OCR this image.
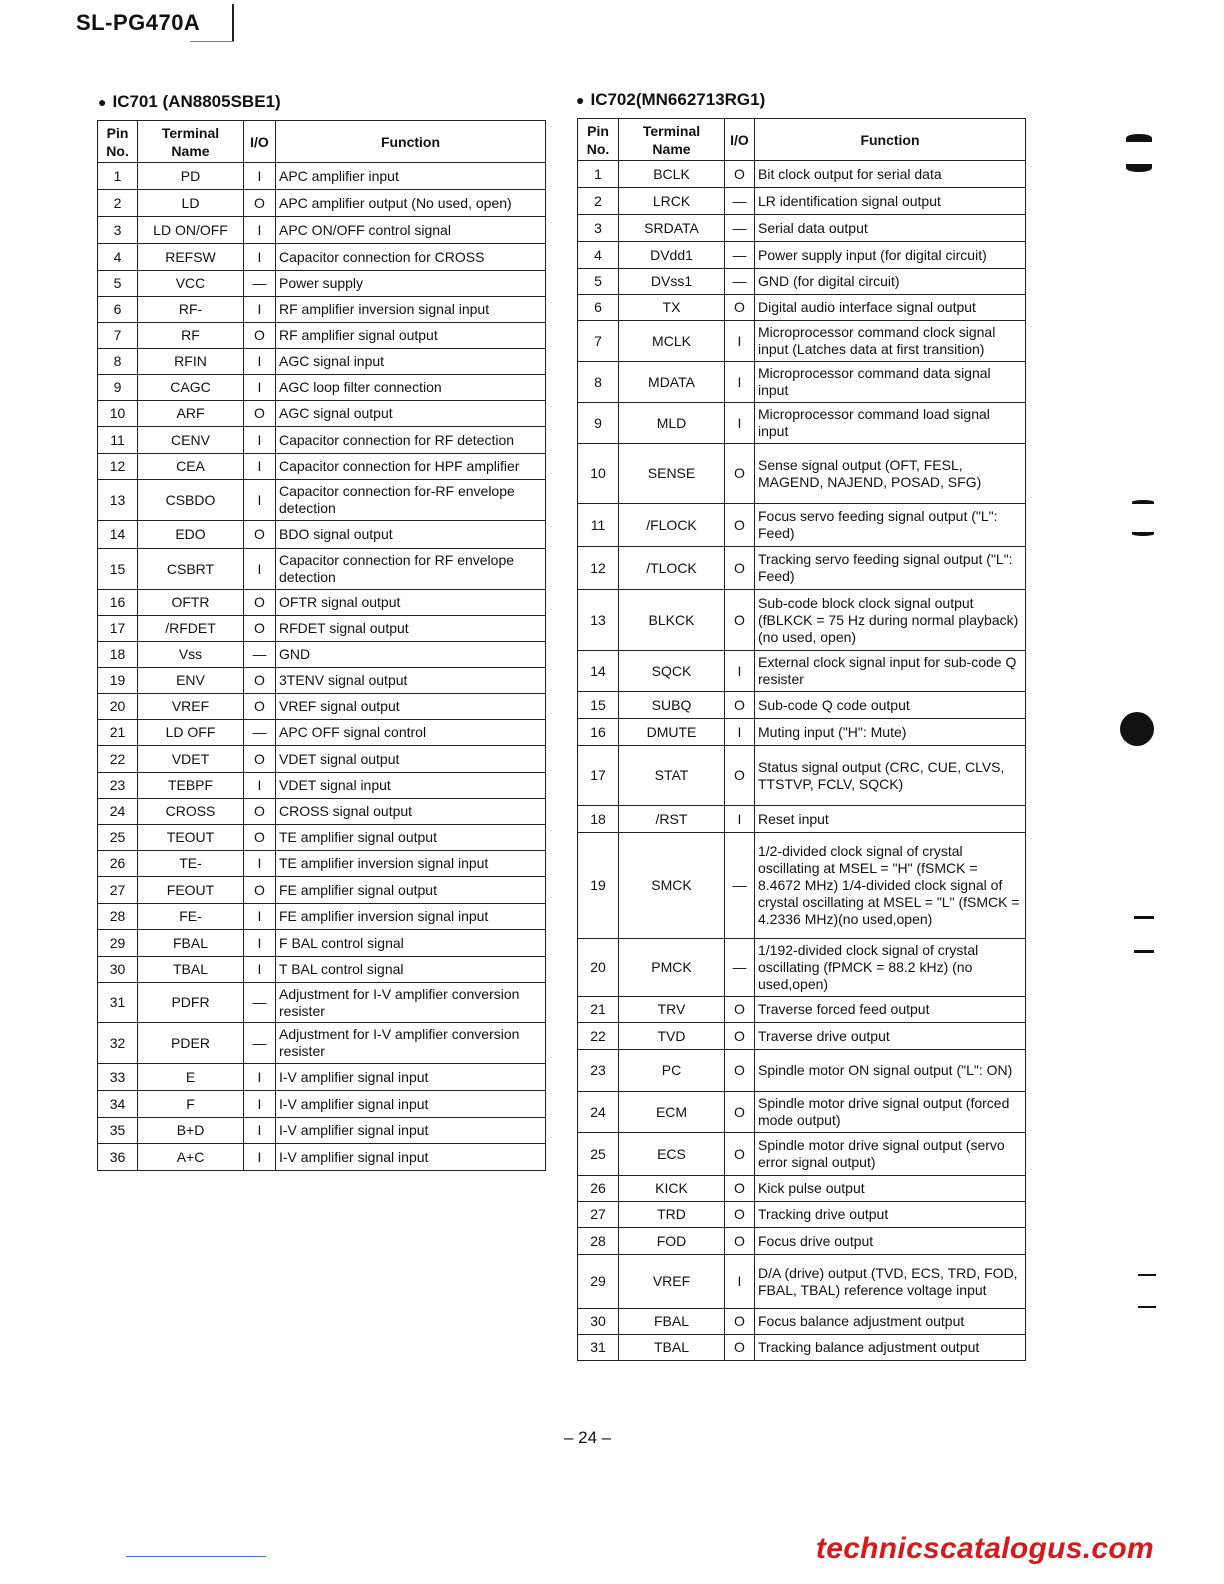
SL-PG470A
● IC701 (AN8805SBE1)
Pin No.	Terminal Name	I/O	Function
1	PD	I	APC amplifier input
2	LD	O	APC amplifier output (No used, open)
3	LD ON/OFF	I	APC ON/OFF control signal
4	REFSW	I	Capacitor connection for CROSS
5	VCC	—	Power supply
6	RF-	I	RF amplifier inversion signal input
7	RF	O	RF amplifier signal output
8	RFIN	I	AGC signal input
9	CAGC	I	AGC loop filter connection
10	ARF	O	AGC signal output
11	CENV	I	Capacitor connection for RF detection
12	CEA	I	Capacitor connection for HPF amplifier
13	CSBDO	I	Capacitor connection for-RF envelope detection
14	EDO	O	BDO signal output
15	CSBRT	I	Capacitor connection for RF envelope detection
16	OFTR	O	OFTR signal output
17	/RFDET	O	RFDET signal output
18	Vss	—	GND
19	ENV	O	3TENV signal output
20	VREF	O	VREF signal output
21	LD OFF	—	APC OFF signal control
22	VDET	O	VDET signal output
23	TEBPF	I	VDET signal input
24	CROSS	O	CROSS signal output
25	TEOUT	O	TE amplifier signal output
26	TE-	I	TE amplifier inversion signal input
27	FEOUT	O	FE amplifier signal output
28	FE-	I	FE amplifier inversion signal input
29	FBAL	I	F BAL control signal
30	TBAL	I	T BAL control signal
31	PDFR	—	Adjustment for I-V amplifier conversion resister
32	PDER	—	Adjustment for I-V amplifier conversion resister
33	E	I	I-V amplifier signal input
34	F	I	I-V amplifier signal input
35	B+D	I	I-V amplifier signal input
36	A+C	I	I-V amplifier signal input
● IC702(MN662713RG1)
Pin No.	Terminal Name	I/O	Function
1	BCLK	O	Bit clock output for serial data
2	LRCK	—	LR identification signal output
3	SRDATA	—	Serial data output
4	DVdd1	—	Power supply input (for digital circuit)
5	DVss1	—	GND (for digital circuit)
6	TX	O	Digital audio interface signal output
7	MCLK	I	Microprocessor command clock signal input (Latches data at first transition)
8	MDATA	I	Microprocessor command data signal input
9	MLD	I	Microprocessor command load signal input
10	SENSE	O	Sense signal output (OFT, FESL, MAGEND, NAJEND, POSAD, SFG)
11	/FLOCK	O	Focus servo feeding signal output ("L": Feed)
12	/TLOCK	O	Tracking servo feeding signal output ("L": Feed)
13	BLKCK	O	Sub-code block clock signal output (fBLKCK = 75 Hz during normal playback) (no used, open)
14	SQCK	I	External clock signal input for sub-code Q resister
15	SUBQ	O	Sub-code Q code output
16	DMUTE	I	Muting input ("H": Mute)
17	STAT	O	Status signal output (CRC, CUE, CLVS, TTSTVP, FCLV, SQCK)
18	/RST	I	Reset input
19	SMCK	—	1/2-divided clock signal of crystal oscillating at MSEL = "H" (fSMCK = 8.4672 MHz) 1/4-divided clock signal of crystal oscillating at MSEL = "L" (fSMCK = 4.2336 MHz)(no used,open)
20	PMCK	—	1/192-divided clock signal of crystal oscillating (fPMCK = 88.2 kHz) (no used,open)
21	TRV	O	Traverse forced feed output
22	TVD	O	Traverse drive output
23	PC	O	Spindle motor ON signal output ("L": ON)
24	ECM	O	Spindle motor drive signal output (forced mode output)
25	ECS	O	Spindle motor drive signal output (servo error signal output)
26	KICK	O	Kick pulse output
27	TRD	O	Tracking drive output
28	FOD	O	Focus drive output
29	VREF	I	D/A (drive) output (TVD, ECS, TRD, FOD, FBAL, TBAL) reference voltage input
30	FBAL	O	Focus balance adjustment output
31	TBAL	O	Tracking balance adjustment output
– 24 –
technicscatalogus.com
